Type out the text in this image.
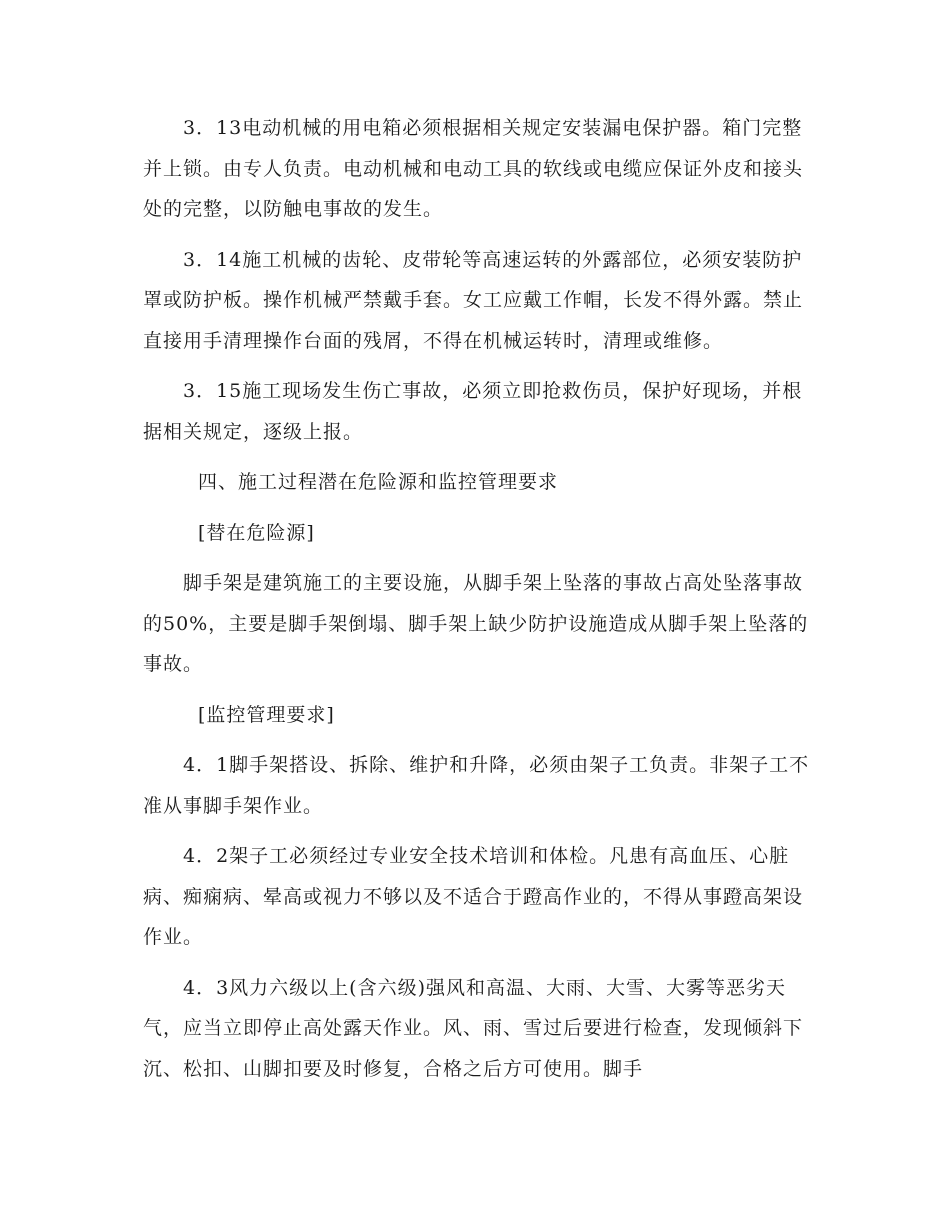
3．13电动机械的用电箱必须根据相关规定安装漏电保护器。箱门完整并上锁。由专人负责。电动机械和电动工具的软线或电缆应保证外皮和接头处的完整，以防触电事故的发生。

3．14施工机械的齿轮、皮带轮等高速运转的外露部位，必须安装防护罩或防护板。操作机械严禁戴手套。女工应戴工作帽，长发不得外露。禁止直接用手清理操作台面的残屑，不得在机械运转时，清理或维修。

3．15施工现场发生伤亡事故，必须立即抢救伤员，保护好现场，并根据相关规定，逐级上报。

四、施工过程潜在危险源和监控管理要求

[替在危险源]

脚手架是建筑施工的主要设施，从脚手架上坠落的事故占高处坠落事故的50%，主要是脚手架倒塌、脚手架上缺少防护设施造成从脚手架上坠落的事故。

[监控管理要求]

4．1脚手架搭设、拆除、维护和升降，必须由架子工负责。非架子工不准从事脚手架作业。

4．2架子工必须经过专业安全技术培训和体检。凡患有高血压、心脏病、痴痫病、晕高或视力不够以及不适合于蹬高作业的，不得从事蹬高架设作业。

4．3风力六级以上(含六级)强风和高温、大雨、大雪、大雾等恶劣天气，应当立即停止高处露天作业。风、雨、雪过后要进行检查，发现倾斜下沉、松扣、山脚扣要及时修复，合格之后方可使用。脚手
